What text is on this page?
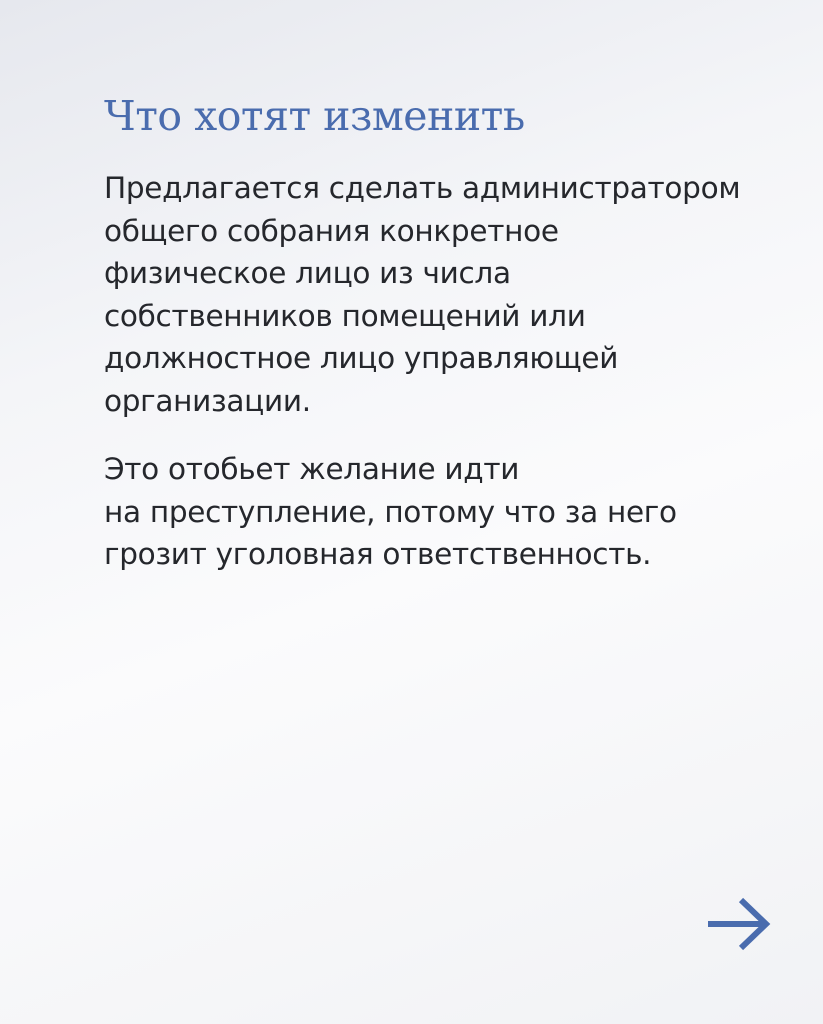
Что хотят изменить

Предлагается сделать администратором
общего собрания конкретное
физическое лицо из числа
собственников помещений или
должностное лицо управляющей
организации.

Это отобьет желание идти
на преступление, потому что за него
грозит уголовная ответственность.
